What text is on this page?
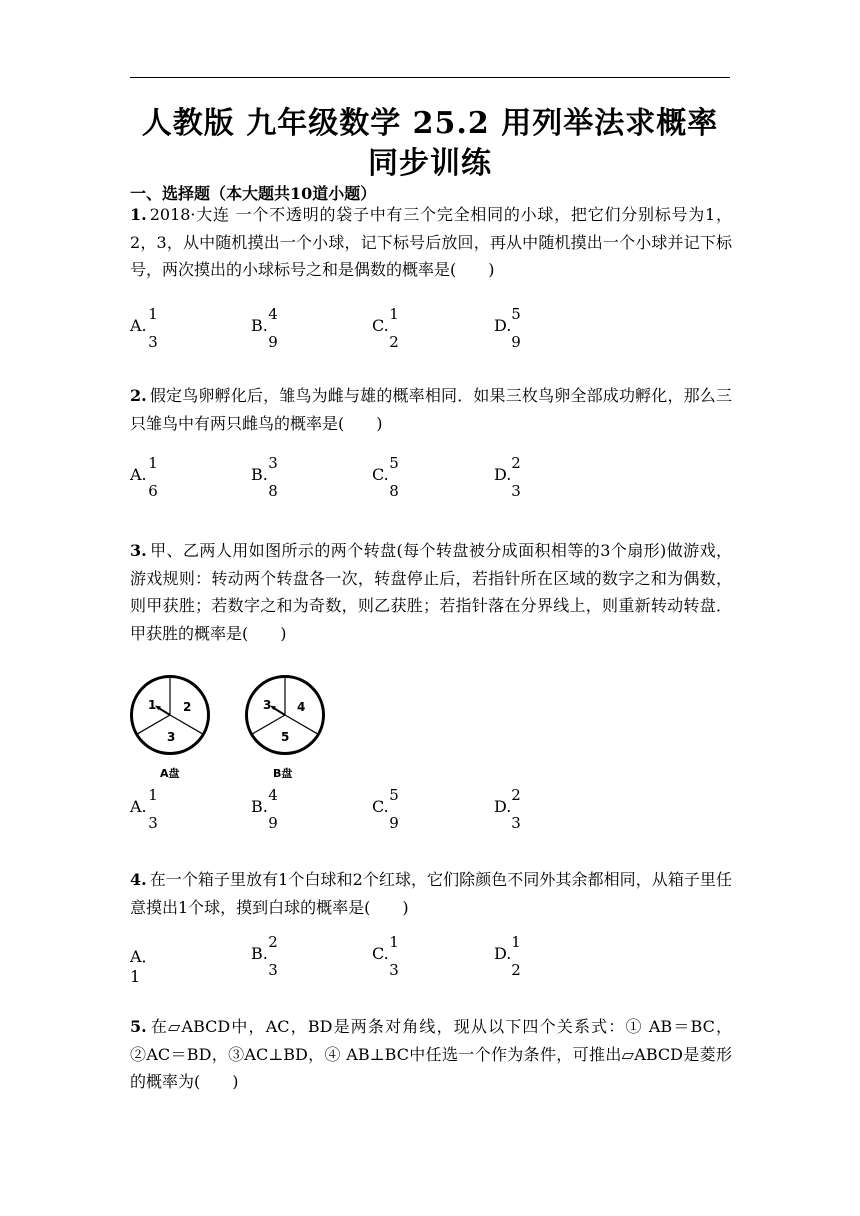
人教版 九年级数学 25.2 用列举法求概率 同步训练
一、选择题（本大题共10道小题）
1. 2018·大连 一个不透明的袋子中有三个完全相同的小球，把它们分别标号为1，2，3，从中随机摸出一个小球，记下标号后放回，再从中随机摸出一个小球并记下标号，两次摸出的小球标号之和是偶数的概率是(　　)
A.
1
3
B.
4
9
C.
1
2
D.
5
9
2. 假定鸟卵孵化后，雏鸟为雌与雄的概率相同．如果三枚鸟卵全部成功孵化，那么三只雏鸟中有两只雌鸟的概率是(　　)
A.
1
6
B.
3
8
C.
5
8
D.
2
3
3. 甲、乙两人用如图所示的两个转盘(每个转盘被分成面积相等的3个扇形)做游戏，游戏规则：转动两个转盘各一次，转盘停止后，若指针所在区域的数字之和为偶数，则甲获胜；若数字之和为奇数，则乙获胜；若指针落在分界线上，则重新转动转盘．甲获胜的概率是(　　)
1 2
3
A盘
3 4
5
B盘
A.
1
3
B.
4
9
C.
5
9
D.
2
3
4. 在一个箱子里放有1个白球和2个红球，它们除颜色不同外其余都相同，从箱子里任意摸出1个球，摸到白球的概率是(　　)
A．1
B.
2
3
C.
1
3
D.
1
2
5. 在▱ABCD中，AC，BD是两条对角线，现从以下四个关系式：① AB＝BC，②AC＝BD，③AC⊥BD，④ AB⊥BC中任选一个作为条件，可推出▱ABCD是菱形的概率为(　　)
